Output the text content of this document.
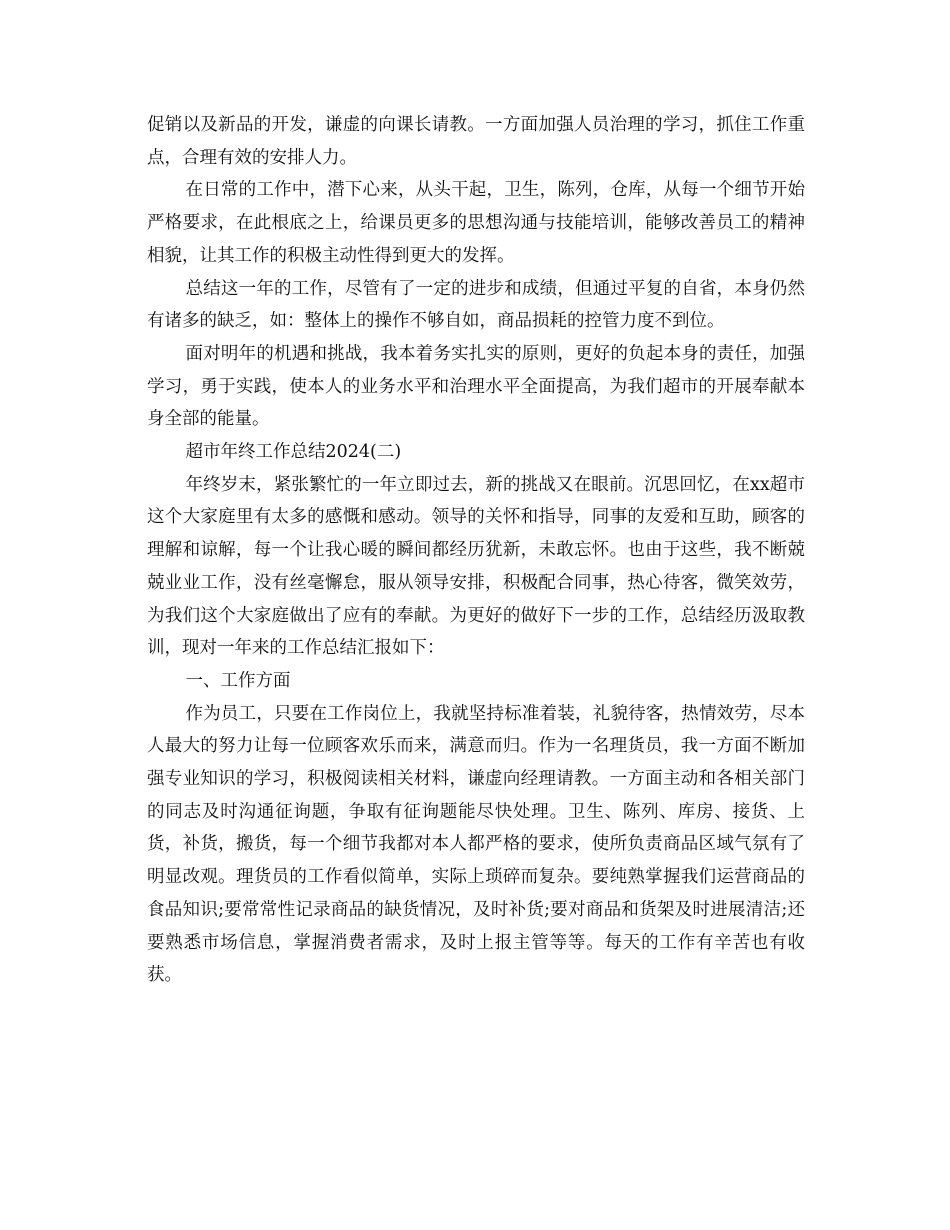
促销以及新品的开发，谦虚的向课长请教。一方面加强人员治理的学习，抓住工作重点，合理有效的安排人力。

在日常的工作中，潜下心来，从头干起，卫生，陈列，仓库，从每一个细节开始严格要求，在此根底之上，给课员更多的思想沟通与技能培训，能够改善员工的精神相貌，让其工作的积极主动性得到更大的发挥。

总结这一年的工作，尽管有了一定的进步和成绩，但通过平复的自省，本身仍然有诸多的缺乏，如：整体上的操作不够自如，商品损耗的控管力度不到位。

面对明年的机遇和挑战，我本着务实扎实的原则，更好的负起本身的责任，加强学习，勇于实践，使本人的业务水平和治理水平全面提高，为我们超市的开展奉献本身全部的能量。

超市年终工作总结2024(二)

年终岁末，紧张繁忙的一年立即过去，新的挑战又在眼前。沉思回忆，在xx超市这个大家庭里有太多的感慨和感动。领导的关怀和指导，同事的友爱和互助，顾客的理解和谅解，每一个让我心暖的瞬间都经历犹新，未敢忘怀。也由于这些，我不断兢兢业业工作，没有丝毫懈怠，服从领导安排，积极配合同事，热心待客，微笑效劳，为我们这个大家庭做出了应有的奉献。为更好的做好下一步的工作，总结经历汲取教训，现对一年来的工作总结汇报如下：

一、工作方面

作为员工，只要在工作岗位上，我就坚持标准着装，礼貌待客，热情效劳，尽本人最大的努力让每一位顾客欢乐而来，满意而归。作为一名理货员，我一方面不断加强专业知识的学习，积极阅读相关材料，谦虚向经理请教。一方面主动和各相关部门的同志及时沟通征询题，争取有征询题能尽快处理。卫生、陈列、库房、接货、上货，补货，搬货，每一个细节我都对本人都严格的要求，使所负责商品区域气氛有了明显改观。理货员的工作看似简单，实际上琐碎而复杂。要纯熟掌握我们运营商品的食品知识;要常常性记录商品的缺货情况，及时补货;要对商品和货架及时进展清洁;还要熟悉市场信息，掌握消费者需求，及时上报主管等等。每天的工作有辛苦也有收获。
